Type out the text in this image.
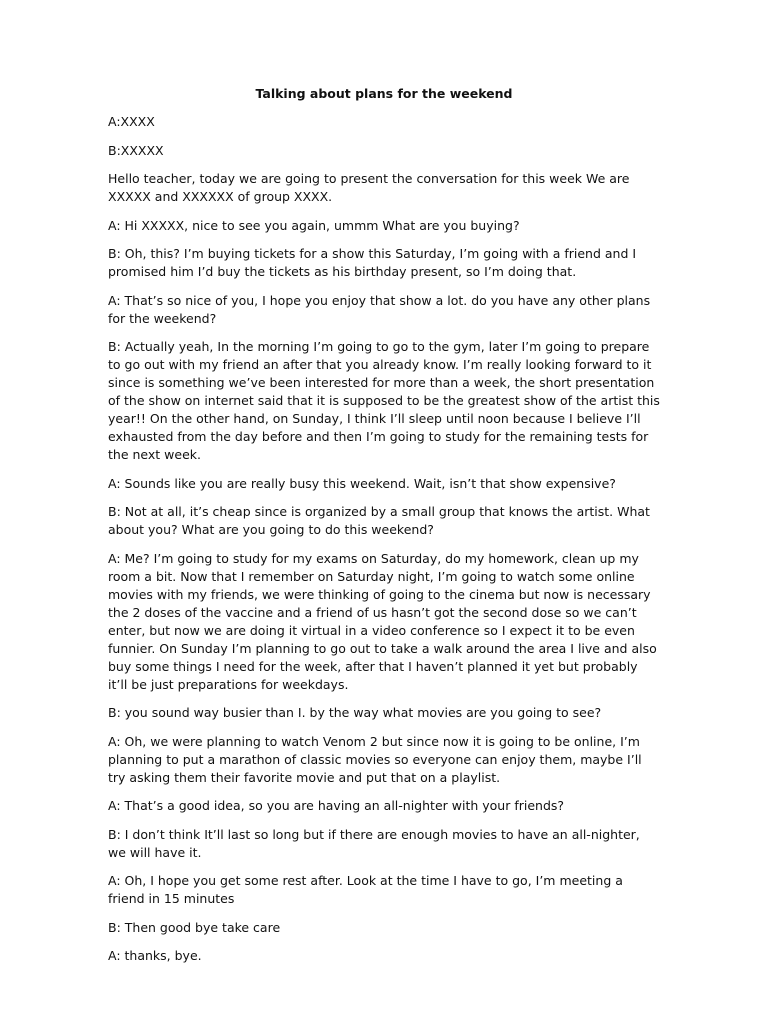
Talking about plans for the weekend

A:XXXX

B:XXXXX

Hello teacher, today we are going to present the conversation for this week We are XXXXX and XXXXXX of group XXXX.

A: Hi XXXXX, nice to see you again, ummm What are you buying?

B: Oh, this? I’m buying tickets for a show this Saturday, I’m going with a friend and I promised him I’d buy the tickets as his birthday present, so I’m doing that.

A: That’s so nice of you, I hope you enjoy that show a lot. do you have any other plans for the weekend?

B: Actually yeah, In the morning I’m going to go to the gym, later I’m going to prepare to go out with my friend an after that you already know. I’m really looking forward to it since is something we’ve been interested for more than a week, the short presentation of the show on internet said that it is supposed to be the greatest show of the artist this year!! On the other hand, on Sunday, I think I’ll sleep until noon because I believe I’ll exhausted from the day before and then I’m going to study for the remaining tests for the next week.

A: Sounds like you are really busy this weekend. Wait, isn’t that show expensive?

B: Not at all, it’s cheap since is organized by a small group that knows the artist. What about you? What are you going to do this weekend?

A: Me? I’m going to study for my exams on Saturday, do my homework, clean up my room a bit. Now that I remember on Saturday night, I’m going to watch some online movies with my friends, we were thinking of going to the cinema but now is necessary the 2 doses of the vaccine and a friend of us hasn’t got the second dose so we can’t enter, but now we are doing it virtual in a video conference so I expect it to be even funnier. On Sunday I’m planning to go out to take a walk around the area I live and also buy some things I need for the week, after that I haven’t planned it yet but probably it’ll be just preparations for weekdays.

B: you sound way busier than I. by the way what movies are you going to see?

A: Oh, we were planning to watch Venom 2 but since now it is going to be online, I’m planning to put a marathon of classic movies so everyone can enjoy them, maybe I’ll try asking them their favorite movie and put that on a playlist.

A: That’s a good idea, so you are having an all-nighter with your friends?

B: I don’t think It’ll last so long but if there are enough movies to have an all-nighter, we will have it.

A: Oh, I hope you get some rest after. Look at the time I have to go, I’m meeting a friend in 15 minutes

B: Then good bye take care

A: thanks, bye.
